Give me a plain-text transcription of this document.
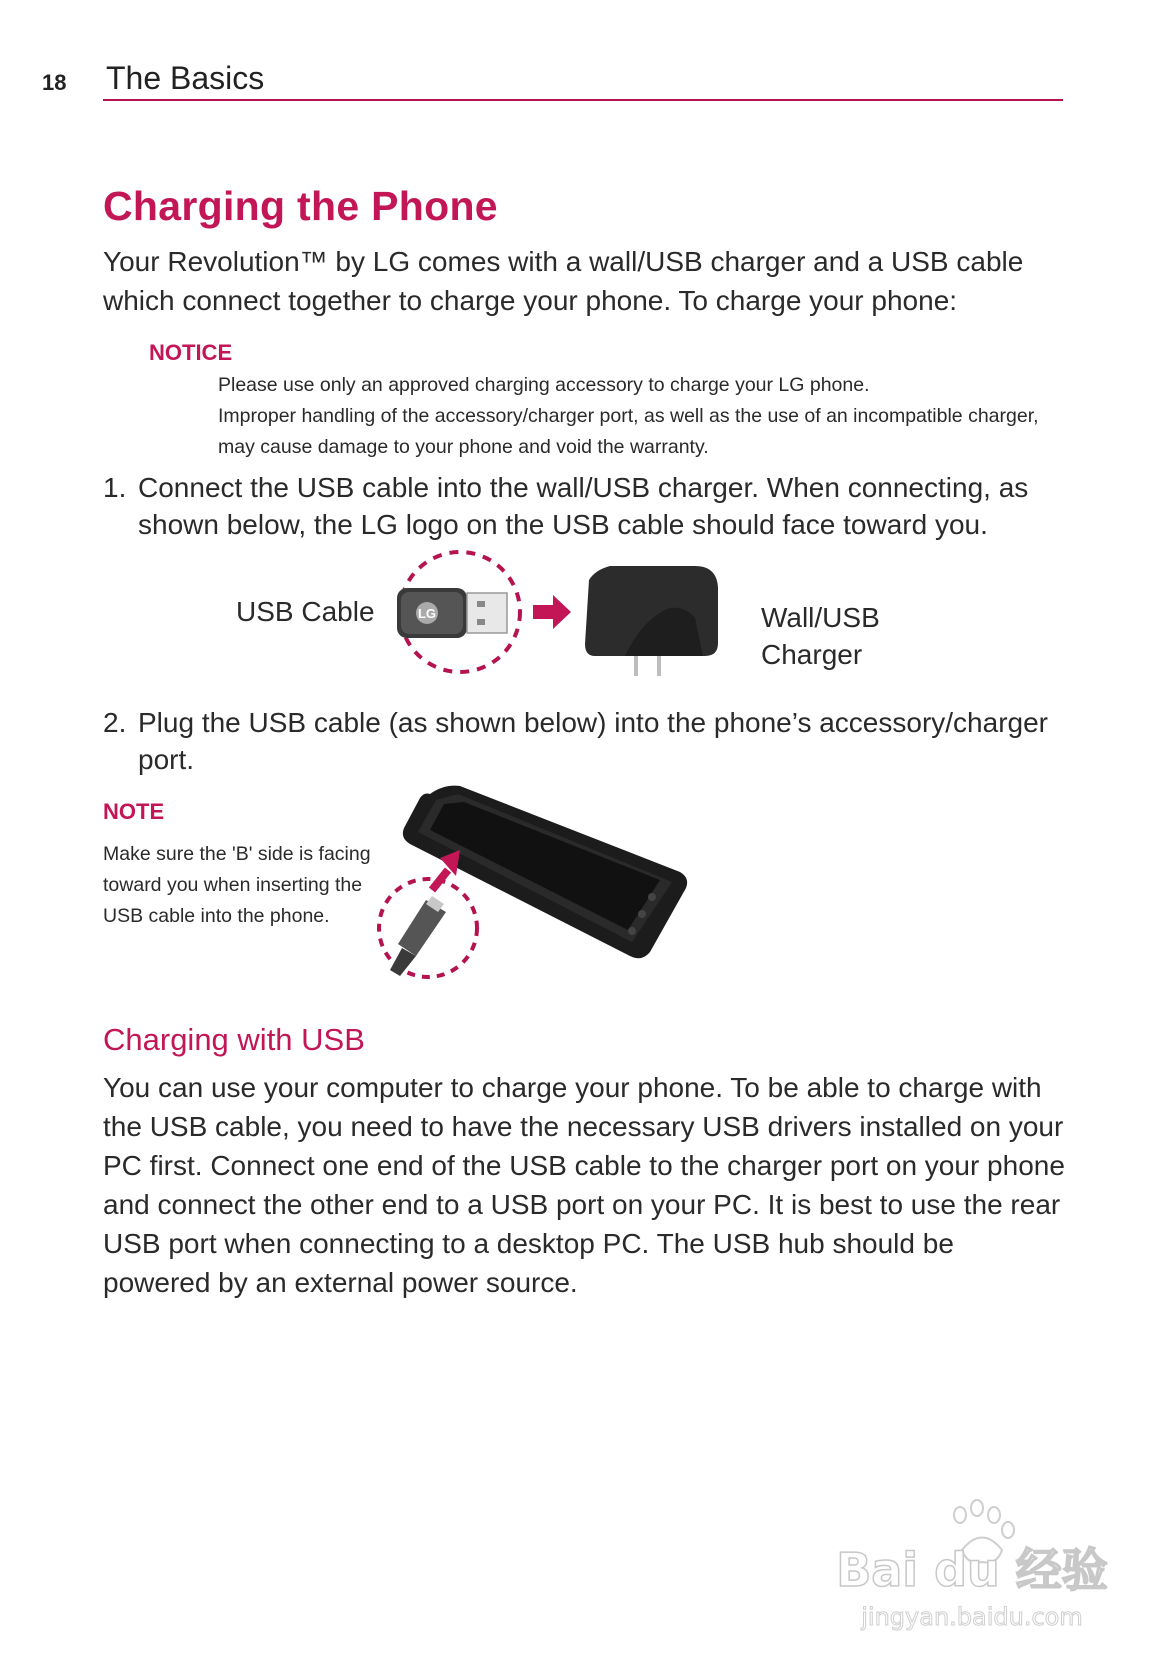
18 The Basics
Charging the Phone
Your Revolution™ by LG comes with a wall/USB charger and a USB cable which connect together to charge your phone. To charge your phone:
NOTICE
Please use only an approved charging accessory to charge your LG phone.
Improper handling of the accessory/charger port, as well as the use of an incompatible charger, may cause damage to your phone and void the warranty.
1. Connect the USB cable into the wall/USB charger. When connecting, as shown below, the LG logo on the USB cable should face toward you.
USB Cable	LG	Wall/USB
Charger
2. Plug the USB cable (as shown below) into the phone’s accessory/charger port.
NOTE
Make sure the 'B' side is facing toward you when inserting the USB cable into the phone.
Charging with USB
You can use your computer to charge your phone. To be able to charge with the USB cable, you need to have the necessary USB drivers installed on your PC first. Connect one end of the USB cable to the charger port on your phone and connect the other end to a USB port on your PC. It is best to use the rear USB port when connecting to a desktop PC. The USB hub should be powered by an external power source.
Bai du 经验
jingyan.baidu.com
